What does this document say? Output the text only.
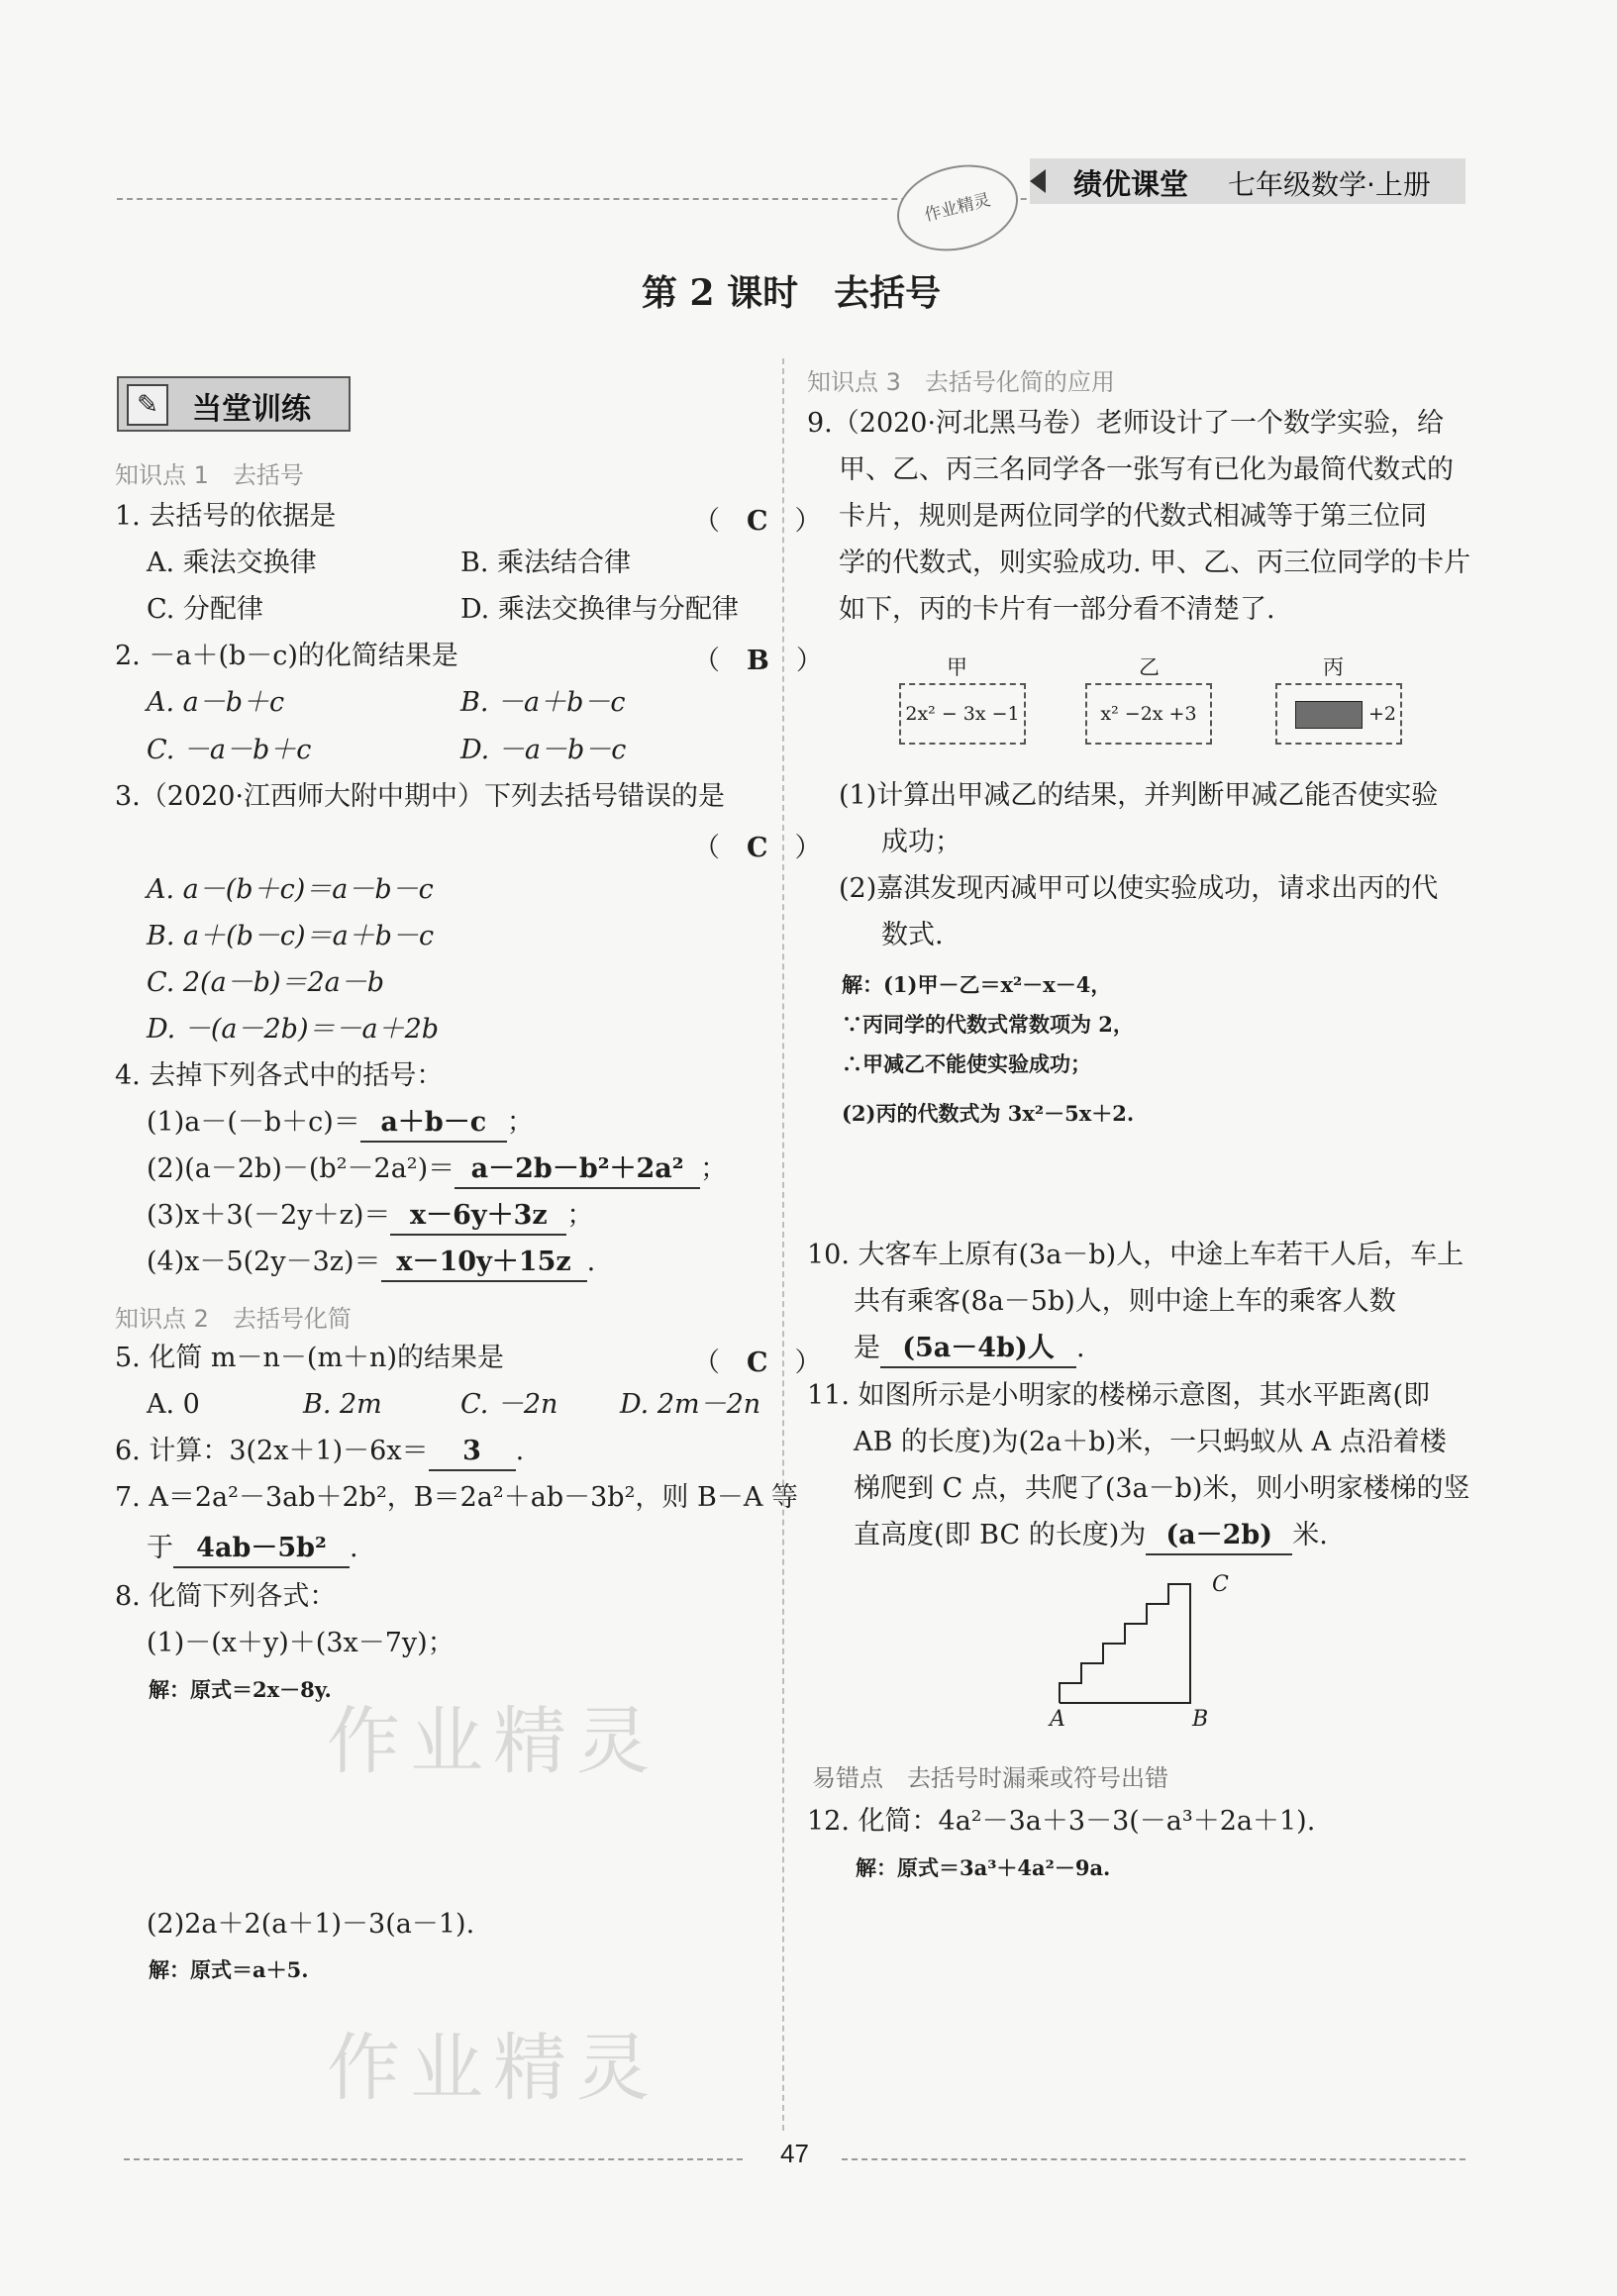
作业精灵
绩优课堂 七年级数学·上册
第 2 课时　去括号
✎	当堂训练
知识点 1　去括号
1. 去括号的依据是	（　C　）
A. 乘法交换律	B. 乘法结合律
C. 分配律	D. 乘法交换律与分配律
2. －a＋(b－c)的化简结果是	（　B　）
A. a－b＋c	B. －a＋b－c
C. －a－b＋c	D. －a－b－c
3.（2020·江西师大附中期中）下列去括号错误的是
（　C　）
A. a－(b＋c)＝a－b－c
B. a＋(b－c)＝a＋b－c
C. 2(a－b)＝2a－b
D. －(a－2b)＝－a＋2b
4. 去掉下列各式中的括号：
(1)a－(－b＋c)＝ a＋b－c ；
(2)(a－2b)－(b²－2a²)＝ a－2b－b²＋2a² ；
(3)x＋3(－2y＋z)＝ x－6y＋3z ；
(4)x－5(2y－3z)＝ x－10y＋15z .
知识点 2　去括号化简
5. 化简 m－n－(m＋n)的结果是	（　C　）
A. 0	B. 2m	C. －2n D. 2m－2n
6. 计算：3(2x＋1)－6x＝ 3 .
7. A＝2a²－3ab＋2b²，B＝2a²＋ab－3b²，则 B－A 等
于 4ab－5b² .
8. 化简下列各式：
(1)－(x＋y)＋(3x－7y)；
解：原式＝2x－8y.
作业精灵
(2)2a＋2(a＋1)－3(a－1).
解：原式＝a＋5.
作业精灵
知识点 3　去括号化简的应用
9.（2020·河北黑马卷）老师设计了一个数学实验，给
甲、乙、丙三名同学各一张写有已化为最简代数式的
卡片，规则是两位同学的代数式相减等于第三位同
学的代数式，则实验成功. 甲、乙、丙三位同学的卡片
如下，丙的卡片有一部分看不清楚了.
甲
2x² − 3x −1
乙
x² −2x +3
丙
+2
(1)计算出甲减乙的结果，并判断甲减乙能否使实验
成功；
(2)嘉淇发现丙减甲可以使实验成功，请求出丙的代
数式.
解：(1)甲－乙＝x²－x－4，
∵丙同学的代数式常数项为 2，
∴甲减乙不能使实验成功；
(2)丙的代数式为 3x²－5x＋2.
10. 大客车上原有(3a－b)人，中途上车若干人后，车上
共有乘客(8a－5b)人，则中途上车的乘客人数
是 (5a－4b)人 .
11. 如图所示是小明家的楼梯示意图，其水平距离(即
AB 的长度)为(2a＋b)米，一只蚂蚁从 A 点沿着楼
梯爬到 C 点，共爬了(3a－b)米，则小明家楼梯的竖
直高度(即 BC 的长度)为 (a－2b) 米.
A	B
C
易错点　去括号时漏乘或符号出错
12. 化简：4a²－3a＋3－3(－a³＋2a＋1).
解：原式＝3a³＋4a²－9a.
47
